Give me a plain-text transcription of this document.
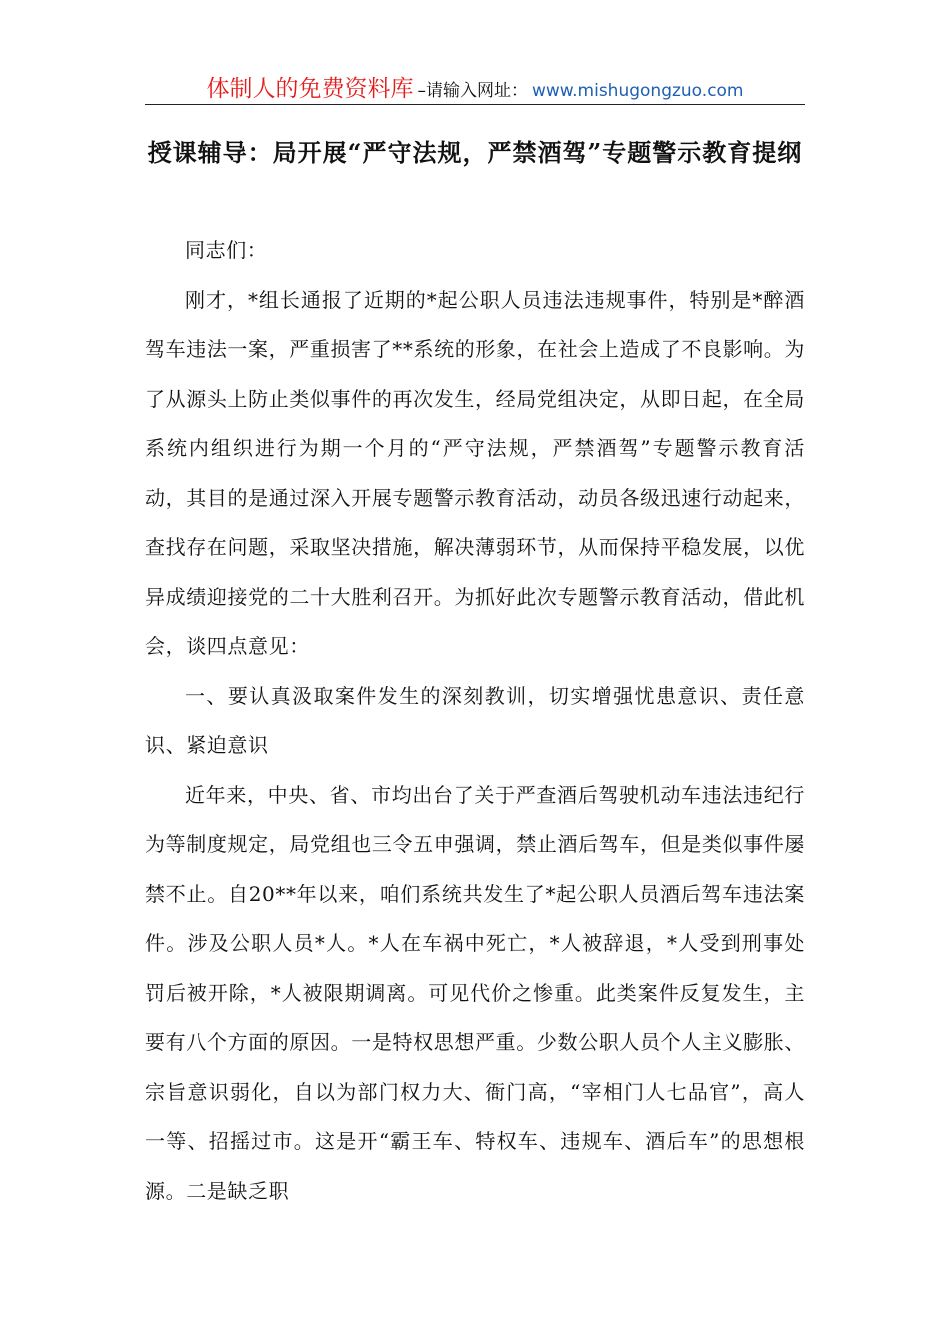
体制人的免费资料库 –请输入网址： www.mishugongzuo.com
授课辅导：局开展“严守法规，严禁酒驾”专题警示教育提纲

同志们：

刚才，*组长通报了近期的*起公职人员违法违规事件，特别是*醉酒驾车违法一案，严重损害了**系统的形象，在社会上造成了不良影响。为了从源头上防止类似事件的再次发生，经局党组决定，从即日起，在全局系统内组织进行为期一个月的“严守法规，严禁酒驾”专题警示教育活动，其目的是通过深入开展专题警示教育活动，动员各级迅速行动起来，查找存在问题，采取坚决措施，解决薄弱环节，从而保持平稳发展，以优异成绩迎接党的二十大胜利召开。为抓好此次专题警示教育活动，借此机会，谈四点意见：

一、要认真汲取案件发生的深刻教训，切实增强忧患意识、责任意识、紧迫意识

近年来，中央、省、市均出台了关于严查酒后驾驶机动车违法违纪行为等制度规定，局党组也三令五申强调，禁止酒后驾车，但是类似事件屡禁不止。自20**年以来，咱们系统共发生了*起公职人员酒后驾车违法案件。涉及公职人员*人。*人在车祸中死亡，*人被辞退，*人受到刑事处罚后被开除，*人被限期调离。可见代价之惨重。此类案件反复发生，主要有八个方面的原因。一是特权思想严重。少数公职人员个人主义膨胀、宗旨意识弱化，自以为部门权力大、衙门高，“宰相门人七品官”，高人一等、招摇过市。这是开“霸王车、特权车、违规车、酒后车”的思想根源。二是缺乏职
